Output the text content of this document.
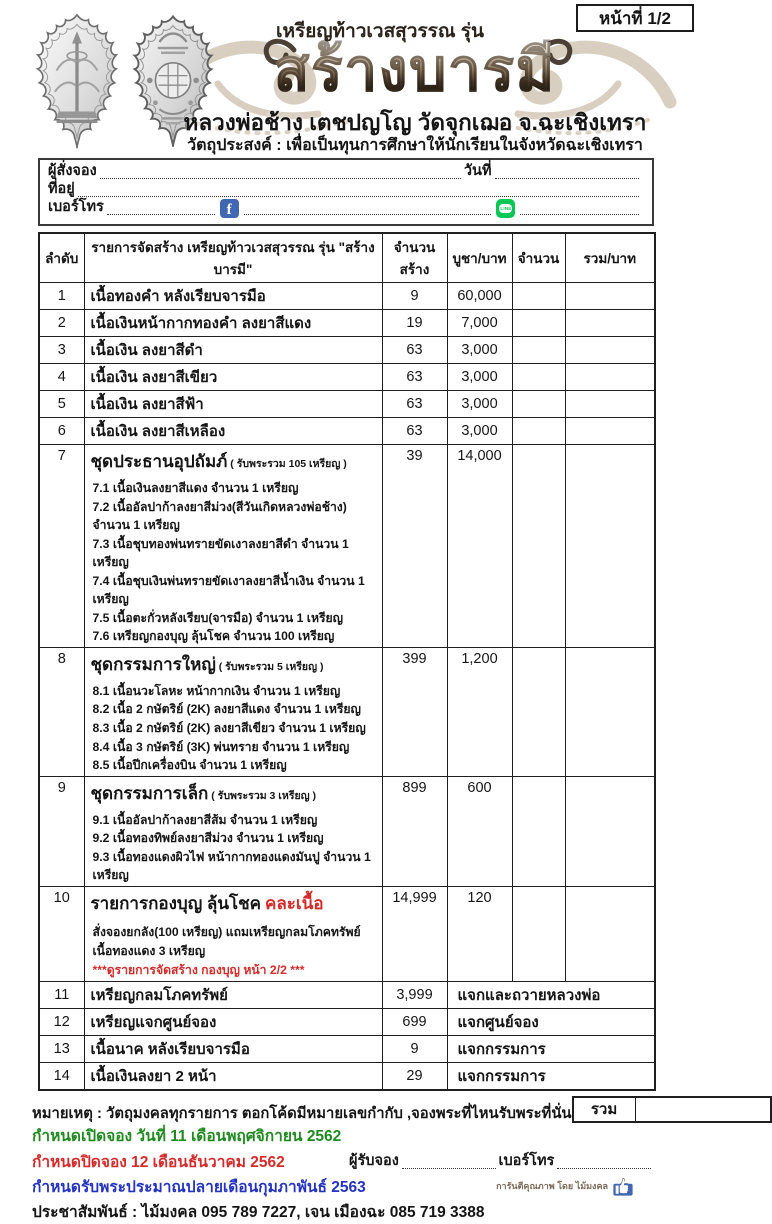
หน้าที่ 1/2
เหรียญท้าวเวสสุวรรณ รุ่น
สร้างบารมี
หลวงพ่อช้าง เตชปญโญ วัดจุกเฌอ จ.ฉะเชิงเทรา
วัตถุประสงค์ : เพื่อเป็นทุนการศึกษาให้นักเรียนในจังหวัดฉะเชิงเทรา
ผู้สั่งจอง	วันที่
ที่อยู่
เบอร์โทร	f	LINE
ลำดับ	รายการจัดสร้าง เหรียญท้าวเวสสุวรรณ รุ่น "สร้างบารมี"	จำนวนสร้าง	บูชา/บาท	จำนวน	รวม/บาท
1	เนื้อทองคำ หลังเรียบจารมือ	9	60,000		
2	เนื้อเงินหน้ากากทองคำ ลงยาสีแดง	19	7,000		
3	เนื้อเงิน ลงยาสีดำ	63	3,000		
4	เนื้อเงิน ลงยาสีเขียว	63	3,000		
5	เนื้อเงิน ลงยาสีฟ้า	63	3,000		
6	เนื้อเงิน ลงยาสีเหลือง	63	3,000		
7	ชุดประธานอุปถัมภ์ ( รับพระรวม 105 เหรียญ )
7.1 เนื้อเงินลงยาสีแดง จำนวน 1 เหรียญ
7.2 เนื้ออัลปาก้าลงยาสีม่วง(สีวันเกิดหลวงพ่อช้าง) จำนวน 1 เหรียญ
7.3 เนื้อชุบทองพ่นทรายขัดเงาลงยาสีดำ จำนวน 1 เหรียญ
7.4 เนื้อชุบเงินพ่นทรายขัดเงาลงยาสีน้ำเงิน จำนวน 1 เหรียญ
7.5 เนื้อตะกั่วหลังเรียบ(จารมือ) จำนวน 1 เหรียญ
7.6 เหรียญกองบุญ ลุ้นโชค จำนวน 100 เหรียญ
	39	14,000		
8	ชุดกรรมการใหญ่ ( รับพระรวม 5 เหรียญ )
8.1 เนื้อนวะโลหะ หน้ากากเงิน จำนวน 1 เหรียญ
8.2 เนื้อ 2 กษัตริย์ (2K) ลงยาสีแดง จำนวน 1 เหรียญ
8.3 เนื้อ 2 กษัตริย์ (2K) ลงยาสีเขียว จำนวน 1 เหรียญ
8.4 เนื้อ 3 กษัตริย์ (3K) พ่นทราย จำนวน 1 เหรียญ
8.5 เนื้อปีกเครื่องบิน จำนวน 1 เหรียญ
	399	1,200		
9	ชุดกรรมการเล็ก ( รับพระรวม 3 เหรียญ )
9.1 เนื้ออัลปาก้าลงยาสีส้ม จำนวน 1 เหรียญ
9.2 เนื้อทองทิพย์ลงยาสีม่วง จำนวน 1 เหรียญ
9.3 เนื้อทองแดงผิวไฟ หน้ากากทองแดงมันปู จำนวน 1 เหรียญ	899	600		
10	รายการกองบุญ ลุ้นโชค คละเนื้อ
สั่งจองยกลัง(100 เหรียญ) แถมเหรียญกลมโภคทรัพย์ เนื้อทองแดง 3 เหรียญ
***ดูรายการจัดสร้าง กองบุญ หน้า 2/2 ***	14,999	120		
11	เหรียญกลมโภคทรัพย์	3,999	แจกและถวายหลวงพ่อ		
12	เหรียญแจกศูนย์จอง	699	แจกศูนย์จอง		
13	เนื้อนาค หลังเรียบจารมือ	9	แจกกรรมการ		
14	เนื้อเงินลงยา 2 หน้า	29	แจกกรรมการ		
หมายเหตุ : วัตถุมงคลทุกรายการ ตอกโค้ดมีหมายเลขกำกับ ,จองพระที่ไหนรับพระที่นั่น	รวม
กำหนดเปิดจอง วันที่ 11 เดือนพฤศจิกายน 2562
กำหนดปิดจอง 12 เดือนธันวาคม 2562	ผู้รับจอง	เบอร์โทร
กำหนดรับพระประมาณปลายเดือนกุมภาพันธ์ 2563	การันตีคุณภาพ โดย ไม้มงคล
ประชาสัมพันธ์ : ไม้มงคล 095 789 7227, เจน เมืองฉะ 085 719 3388
